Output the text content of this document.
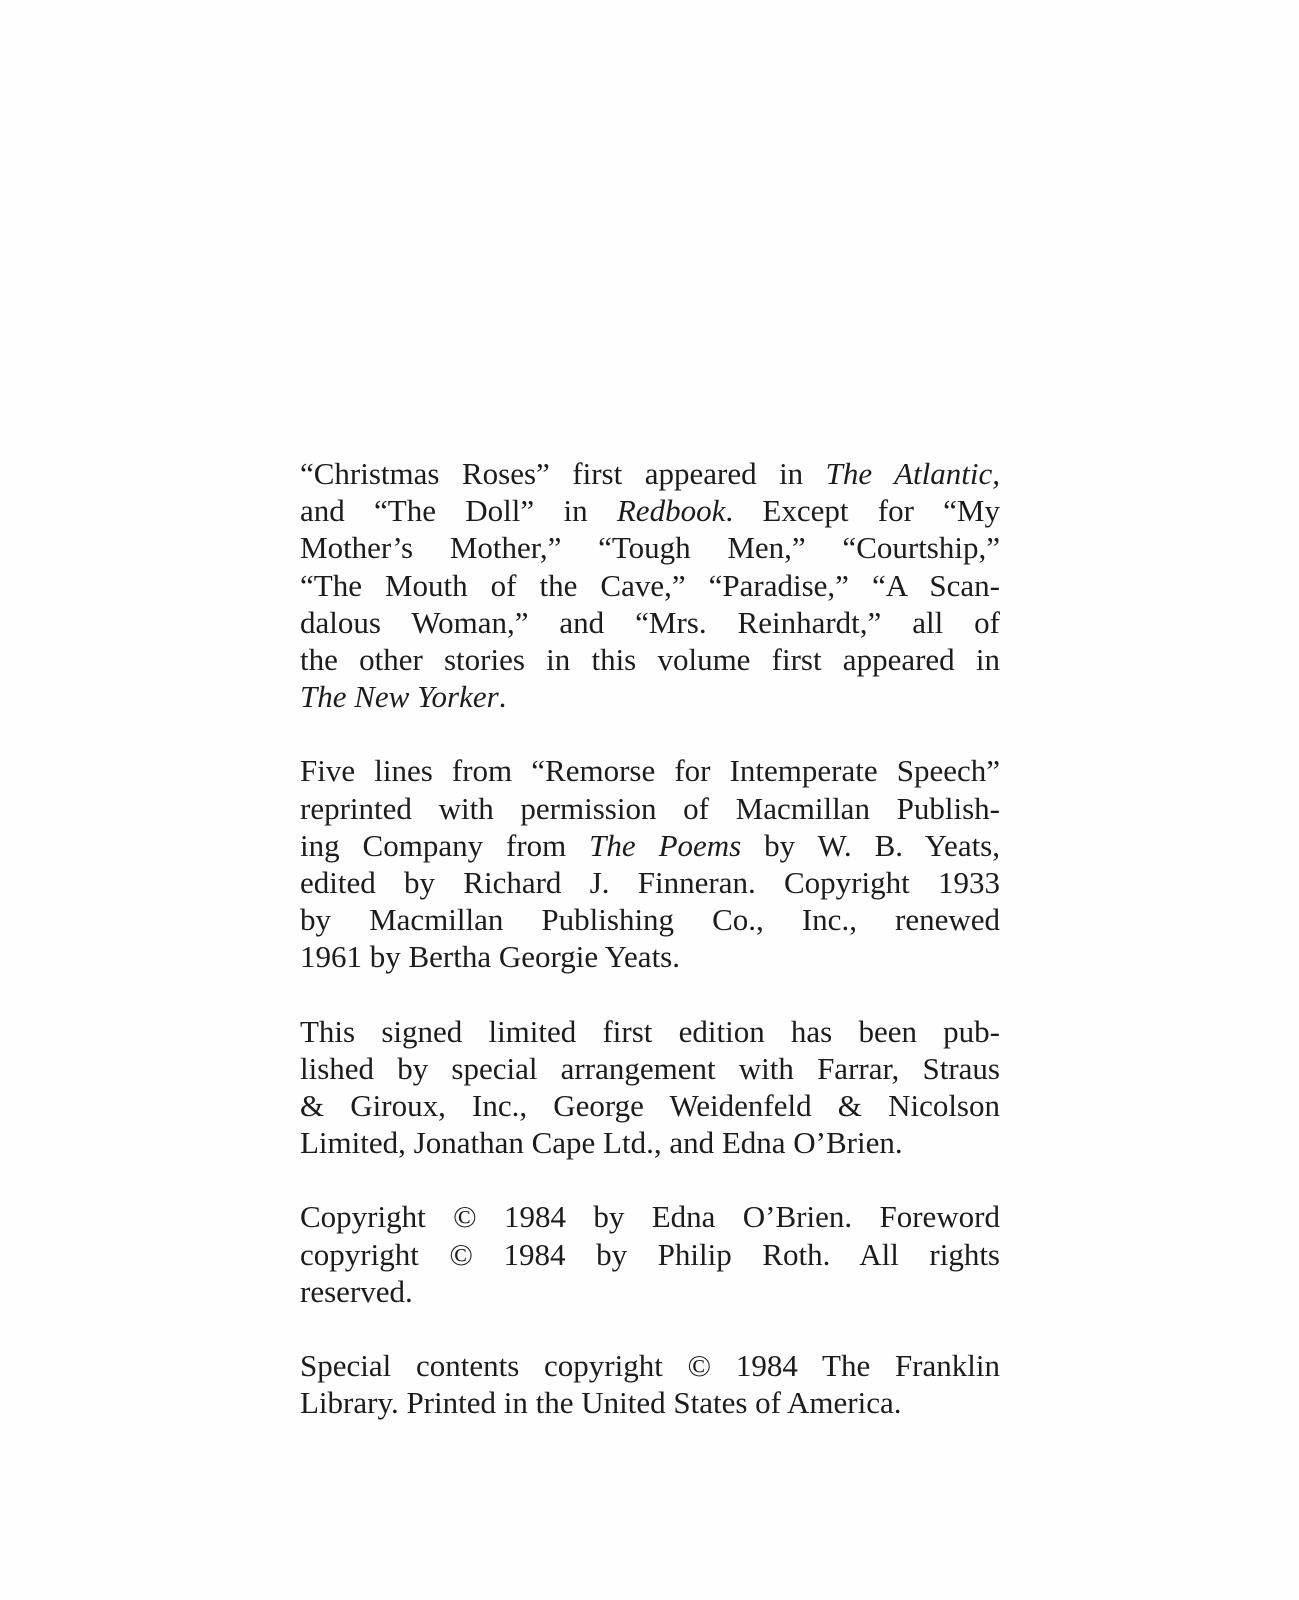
“Christmas Roses” first appeared in The Atlantic,
and “The Doll” in Redbook. Except for “My
Mother’s Mother,” “Tough Men,” “Courtship,”
“The Mouth of the Cave,” “Paradise,” “A Scan-
dalous Woman,” and “Mrs. Reinhardt,” all of
the other stories in this volume first appeared in
The New Yorker.

Five lines from “Remorse for Intemperate Speech”
reprinted with permission of Macmillan Publish-
ing Company from The Poems by W. B. Yeats,
edited by Richard J. Finneran. Copyright 1933
by Macmillan Publishing Co., Inc., renewed
1961 by Bertha Georgie Yeats.

This signed limited first edition has been pub-
lished by special arrangement with Farrar, Straus
& Giroux, Inc., George Weidenfeld & Nicolson
Limited, Jonathan Cape Ltd., and Edna O’Brien.

Copyright © 1984 by Edna O’Brien. Foreword
copyright © 1984 by Philip Roth. All rights
reserved.

Special contents copyright © 1984 The Franklin
Library. Printed in the United States of America.
